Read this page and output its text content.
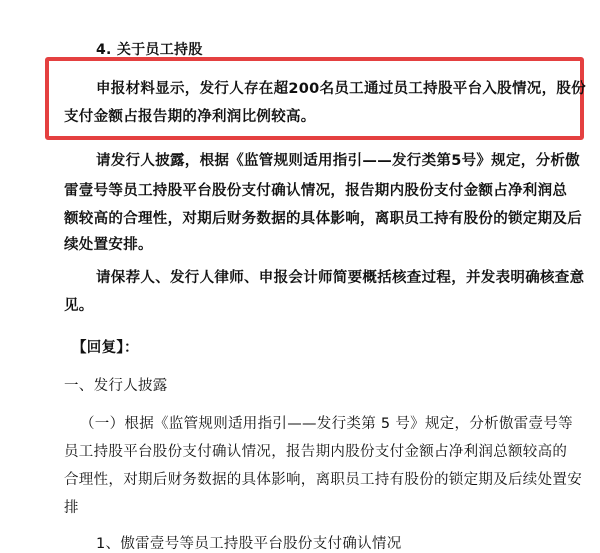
4. 关于员工持股
申报材料显示，发行人存在超200名员工通过员工持股平台入股情况，股份
支付金额占报告期的净利润比例较高。
请发行人披露，根据《监管规则适用指引——发行类第5号》规定，分析傲
雷壹号等员工持股平台股份支付确认情况，报告期内股份支付金额占净利润总
额较高的合理性，对期后财务数据的具体影响，离职员工持有股份的锁定期及后
续处置安排。
请保荐人、发行人律师、申报会计师简要概括核查过程，并发表明确核查意
见。
【回复】：
一、发行人披露
（一）根据《监管规则适用指引——发行类第 5 号》规定，分析傲雷壹号等
员工持股平台股份支付确认情况，报告期内股份支付金额占净利润总额较高的
合理性，对期后财务数据的具体影响，离职员工持有股份的锁定期及后续处置安
排
1、傲雷壹号等员工持股平台股份支付确认情况
